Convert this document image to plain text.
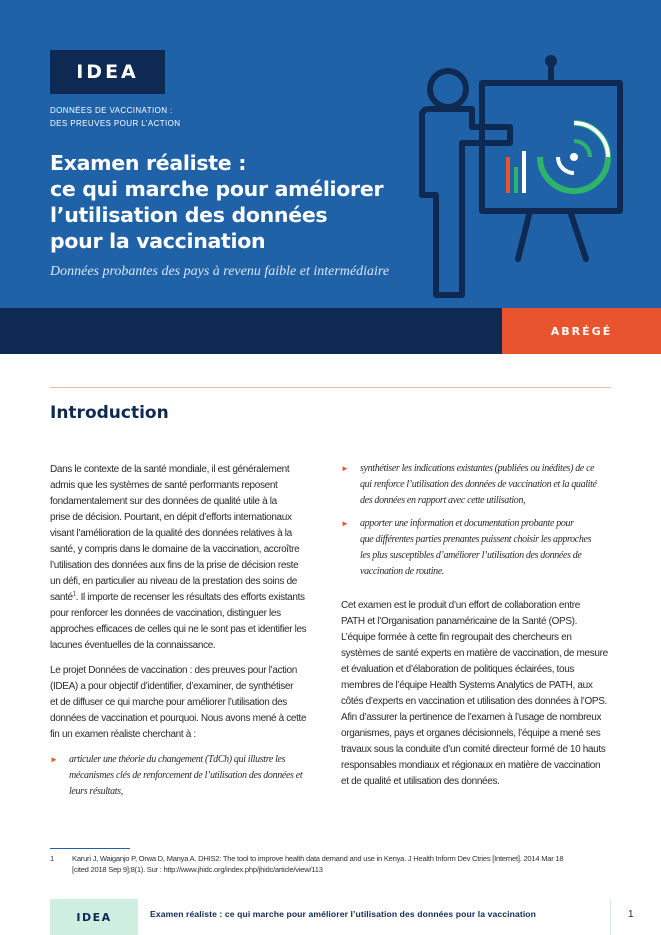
IDEA
DONNÉES DE VACCINATION :
DES PREUVES POUR L’ACTION
Examen réaliste :
ce qui marche pour améliorer
l’utilisation des données
pour la vaccination
Données probantes des pays à revenu faible et intermédiaire
ABRÉGÉ
Introduction

Dans le contexte de la santé mondiale, il est généralement
admis que les systèmes de santé performants reposent
fondamentalement sur des données de qualité utile à la
prise de décision. Pourtant, en dépit d’efforts internationaux
visant l’amélioration de la qualité des données relatives à la
santé, y compris dans le domaine de la vaccination, accroître
l’utilisation des données aux fins de la prise de décision reste
un défi, en particulier au niveau de la prestation des soins de
santé$^1$. Il importe de recenser les résultats des efforts existants
pour renforcer les données de vaccination, distinguer les
approches efficaces de celles qui ne le sont pas et identifier les
lacunes éventuelles de la connaissance.

Le projet Données de vaccination : des preuves pour l’action
(IDEA) a pour objectif d’identifier, d’examiner, de synthétiser
et de diffuser ce qui marche pour améliorer l’utilisation des
données de vaccination et pourquoi. Nous avons mené à cette
fin un examen réaliste cherchant à :

►	articuler une théorie du changement (TdCh) qui illustre les
mécanismes clés de renforcement de l’utilisation des données et
leurs résultats,
►	synthétiser les indications existantes (publiées ou inédites) de ce
qui renforce l’utilisation des données de vaccination et la qualité
des données en rapport avec cette utilisation,
►	apporter une information et documentation probante pour
que différentes parties prenantes puissent choisir les approches
les plus susceptibles d’améliorer l’utilisation des données de
vaccination de routine.

Cet examen est le produit d’un effort de collaboration entre
PATH et l’Organisation panaméricaine de la Santé (OPS).
L’équipe formée à cette fin regroupait des chercheurs en
systèmes de santé experts en matière de vaccination, de mesure
et évaluation et d’élaboration de politiques éclairées, tous
membres de l’équipe Health Systems Analytics de PATH, aux
côtés d’experts en vaccination et utilisation des données à l’OPS.
Afin d’assurer la pertinence de l’examen à l’usage de nombreux
organismes, pays et organes décisionnels, l’équipe a mené ses
travaux sous la conduite d’un comité directeur formé de 10 hauts
responsables mondiaux et régionaux en matière de vaccination
et de qualité et utilisation des données.

1	Karuri J, Waiganjo P, Orwa D, Manya A. DHIS2: The tool to improve health data demand and use in Kenya. J Health Inform Dev Ctries [Internet]. 2014 Mar 18
[cited 2018 Sep 9];8(1). Sur : http://www.jhidc.org/index.php/jhidc/article/view/113
IDEA	Examen réaliste : ce qui marche pour améliorer l’utilisation des données pour la vaccination	1
